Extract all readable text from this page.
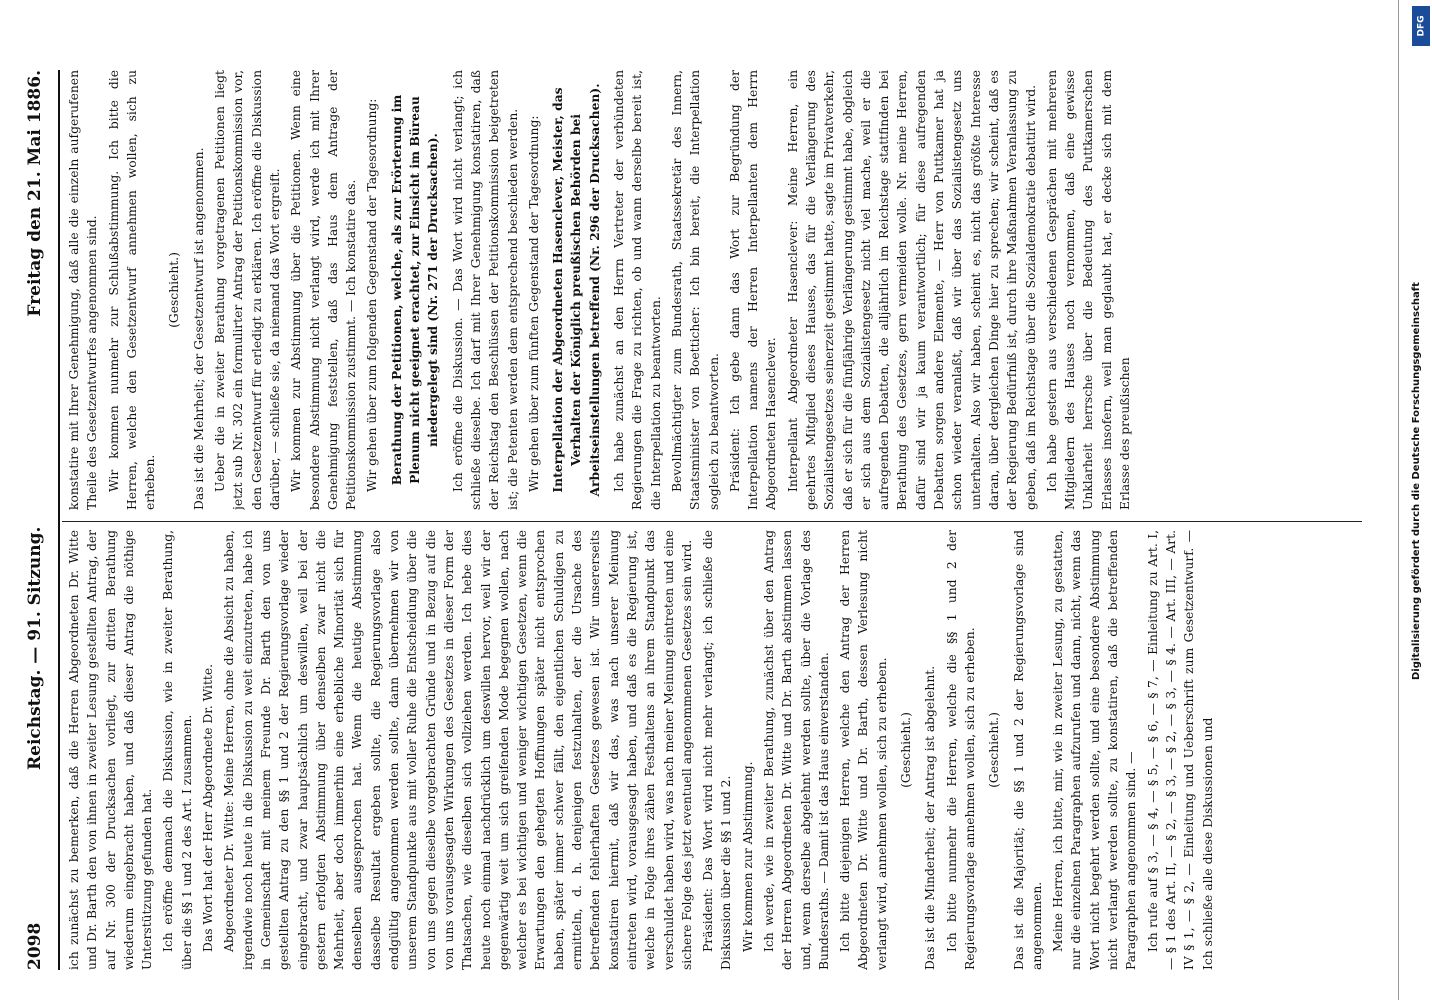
2098
Reichstag. — 91. Sitzung.
Freitag den 21. Mai 1886.

ich zunächst zu bemerken, daß die Herren Abgeordneten Dr. Witte und Dr. Barth den von ihnen in zweiter Lesung gestellten Antrag, der auf Nr. 300 der Drucksachen vorliegt, zur dritten Berathung wiederum eingebracht haben, und daß dieser Antrag die nöthige Unterstützung gefunden hat. Ich eröffne demnach die Diskussion, wie in zweiter Berathung, über die §§ 1 und 2 des Art. I zusammen. Das Wort hat der Herr Abgeordnete Dr. Witte. Abgeordneter Dr. Witte: Meine Herren, ohne die Absicht zu haben, irgendwie noch heute in die Diskussion zu weit einzutreten, habe ich in Gemeinschaft mit meinem Freunde Dr. Barth den von uns gestellten Antrag zu den §§ 1 und 2 der Regierungsvorlage wieder eingebracht, und zwar hauptsächlich um deswillen, weil bei der gestern erfolgten Abstimmung über denselben zwar nicht die Mehrheit, aber doch immerhin eine erhebliche Minorität sich für denselben ausgesprochen hat. Wenn die heutige Abstimmung dasselbe Resultat ergeben sollte, die Regierungsvorlage also endgültig angenommen werden sollte, dann übernehmen wir von unserem Standpunkte aus mit voller Ruhe die Entscheidung über die von uns gegen dieselbe vorgebrachten Gründe und in Bezug auf die von uns vorausgesagten Wirkungen des Gesetzes in dieser Form der Thatsachen, wie dieselben sich vollziehen werden. Ich hebe dies heute noch einmal nachdrücklich um deswillen hervor, weil wir der gegenwärtig weit um sich greifenden Mode begegnen wollen, nach welcher es bei wichtigen und weniger wichtigen Gesetzen, wenn die Erwartungen den gehegten Hoffnungen später nicht entsprochen haben, später immer schwer fällt, den eigentlichen Schuldigen zu ermitteln, d. h. denjenigen festzuhalten, der die Ursache des betreffenden fehlerhaften Gesetzes gewesen ist. Wir unsererseits konstatiren hiermit, daß wir das, was nach unserer Meinung eintreten wird, vorausgesagt haben, und daß es die Regierung ist, welche in Folge ihres zähen Festhaltens an ihrem Standpunkt das verschuldet haben wird, was nach meiner Meinung eintreten und eine sichere Folge des jetzt eventuell angenommenen Gesetzes sein wird. Präsident: Das Wort wird nicht mehr verlangt; ich schließe die Diskussion über die §§ 1 und 2. Wir kommen zur Abstimmung. Ich werde, wie in zweiter Berathung, zunächst über den Antrag der Herren Abgeordneten Dr. Witte und Dr. Barth abstimmen lassen und, wenn derselbe abgelehnt werden sollte, über die Vorlage des Bundesraths. — Damit ist das Haus einverstanden. Ich bitte diejenigen Herren, welche den Antrag der Herren Abgeordneten Dr. Witte und Dr. Barth, dessen Verlesung nicht verlangt wird, annehmen wollen, sich zu erheben. (Geschieht.) Das ist die Minderheit; der Antrag ist abgelehnt. Ich bitte nunmehr die Herren, welche die §§ 1 und 2 der Regierungsvorlage annehmen wollen, sich zu erheben. (Geschieht.) Das ist die Majorität; die §§ 1 und 2 der Regierungsvorlage sind angenommen. Meine Herren, ich bitte, mir, wie in zweiter Lesung, zu gestatten, nur die einzelnen Paragraphen aufzurufen und dann, nicht, wenn das Wort nicht begehrt werden sollte, und eine besondere Abstimmung nicht verlangt werden sollte, zu konstatiren, daß die betreffenden Paragraphen angenommen sind. — Ich rufe auf § 3, — § 4, — § 5, — § 6, — § 7, — Einleitung zu Art. I, — § 1 des Art. II, — § 2, — § 3, — § 2, — § 3, — § 4. — Art. III, — Art. IV § 1, — § 2, — Einleitung und Ueberschrift zum Gesetzentwurf. — Ich schließe alle diese Diskussionen und

konstatire mit Ihrer Genehmigung, daß alle die einzeln aufgerufenen Theile des Gesetzentwurfes angenommen sind. Wir kommen nunmehr zur Schlußabstimmung. Ich bitte die Herren, welche den Gesetzentwurf annehmen wollen, sich zu erheben.

(Geschieht.) Das ist die Mehrheit; der Gesetzentwurf ist angenommen. Ueber die in zweiter Berathung vorgetragenen Petitionen liegt jetzt sub Nr. 302 ein formulirter Antrag der Petitionskommission vor, den Gesetzentwurf für erledigt zu erklären. Ich eröffne die Diskussion darüber, — schließe sie, da niemand das Wort ergreift. Wir kommen zur Abstimmung über die Petitionen. Wenn eine besondere Abstimmung nicht verlangt wird, werde ich mit Ihrer Genehmigung feststellen, daß das Haus dem Antrage der Petitionskommission zustimmt. — Ich konstatire das. Wir gehen über zum folgenden Gegenstand der Tagesordnung: Berathung der Petitionen, welche, als zur Erörterung im Plenum nicht geeignet erachtet, zur Einsicht im Büreau niedergelegt sind (Nr. 271 der Drucksachen). Ich eröffne die Diskussion. — Das Wort wird nicht verlangt; ich schließe dieselbe. Ich darf mit Ihrer Genehmigung konstatiren, daß der Reichstag den Beschlüssen der Petitionskommission beigetreten ist; die Petenten werden dem entsprechend beschieden werden. Wir gehen über zum fünften Gegenstand der Tagesordnung: Interpellation der Abgeordneten Hasenclever, Meister, das Verhalten der Königlich preußischen Behörden bei Arbeitseinstellungen betreffend (Nr. 296 der Drucksachen). Ich habe zunächst an den Herrn Vertreter der verbündeten Regierungen die Frage zu richten, ob und wann derselbe bereit ist, die Interpellation zu beantworten. Bevollmächtigter zum Bundesrath, Staatssekretär des Innern, Staatsminister von Boetticher: Ich bin bereit, die Interpellation sogleich zu beantworten. Präsident: Ich gebe dann das Wort zur Begründung der Interpellation namens der Herren Interpellanten dem Herrn Abgeordneten Hasenclever. Interpellant Abgeordneter Hasenclever: Meine Herren, ein geehrtes Mitglied dieses Hauses, das für die Verlängerung des Sozialistengesetzes seinerzeit gestimmt hatte, sagte im Privatverkehr, daß er sich für die fünfjährige Verlängerung gestimmt habe, obgleich er sich aus dem Sozialistengesetz nicht viel mache, weil er die aufregenden Debatten, die alljährlich im Reichstage stattfinden bei Berathung des Gesetzes, gern vermeiden wolle. Nr. meine Herren, dafür sind wir ja kaum verantwortlich; für diese aufregenden Debatten sorgen andere Elemente, — Herr von Puttkamer hat ja schon wieder veranlaßt, daß wir über das Sozialistengesetz uns unterhalten. Also wir haben, scheint es, nicht das größte Interesse daran, über dergleichen Dinge hier zu sprechen; wir scheint, daß es der Regierung Bedürfniß ist, durch ihre Maßnahmen Veranlassung zu geben, daß im Reichstage über die Sozialdemokratie debattirt wird. Ich habe gestern aus verschiedenen Gesprächen mit mehreren Mitgliedern des Hauses noch vernommen, daß eine gewisse Unklarheit herrsche über die Bedeutung des Puttkamerschen Erlasses insofern, weil man geglaubt hat, er decke sich mit dem Erlasse des preußischen	Digitalisierung gefördert durch die Deutsche Forschungsgemeinschaft
DFG
